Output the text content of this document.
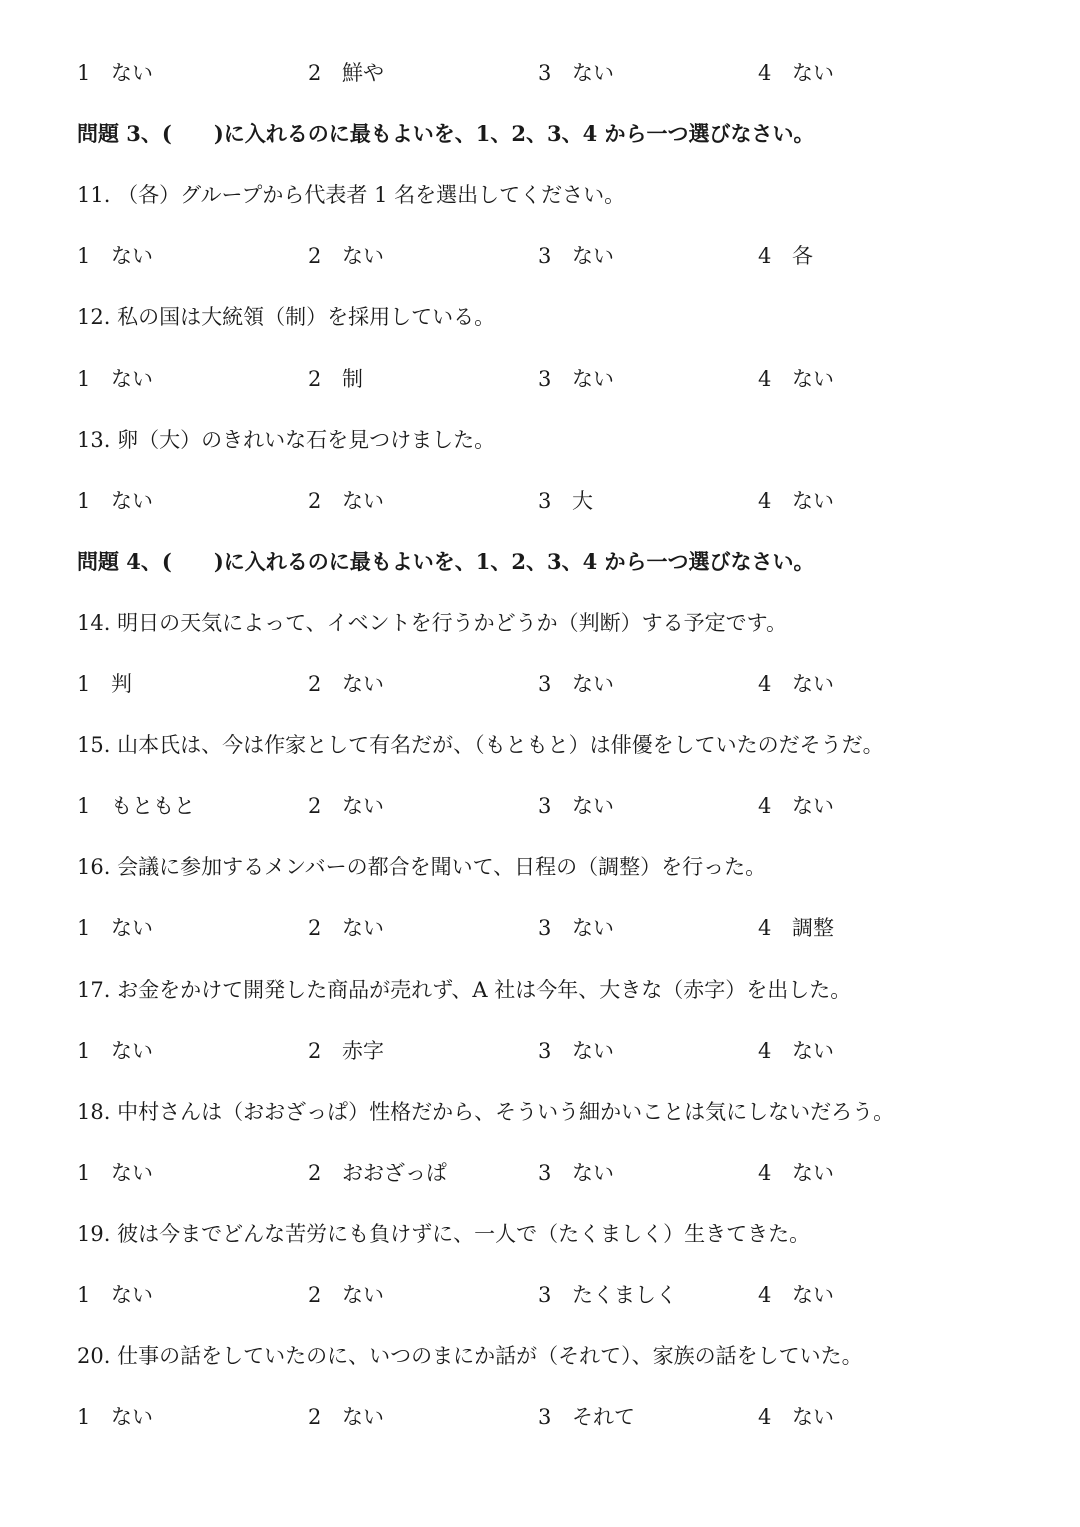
1 ない	2 鮮や	3 ない	4 ない
問題 3、(　　)に入れるのに最もよいを、1、2、3、4 から一つ選びなさい。
11. （各）グループから代表者 1 名を選出してください。
1 ない	2 ない	3 ない	4 各
12. 私の国は大統領（制）を採用している。
1 ない	2 制	3 ない	4 ない
13. 卵（大）のきれいな石を見つけました。
1 ない	2 ない	3 大	4 ない
問題 4、(　　)に入れるのに最もよいを、1、2、3、4 から一つ選びなさい。
14. 明日の天気によって、イベントを行うかどうか（判断）する予定です。
1 判	2 ない	3 ない	4 ない
15. 山本氏は、今は作家として有名だが、（もともと）は俳優をしていたのだそうだ。
1 もともと	2 ない	3 ない	4 ない
16. 会議に参加するメンバーの都合を聞いて、日程の（調整）を行った。
1 ない	2 ない	3 ない	4 調整
17. お金をかけて開発した商品が売れず、A 社は今年、大きな（赤字）を出した。
1 ない	2 赤字	3 ない	4 ない
18. 中村さんは（おおざっぱ）性格だから、そういう細かいことは気にしないだろう。
1 ない	2 おおざっぱ	3 ない	4 ない
19. 彼は今までどんな苦労にも負けずに、一人で（たくましく）生きてきた。
1 ない	2 ない	3 たくましく	4 ない
20. 仕事の話をしていたのに、いつのまにか話が（それて）、家族の話をしていた。
1 ない	2 ない	3 それて	4 ない
